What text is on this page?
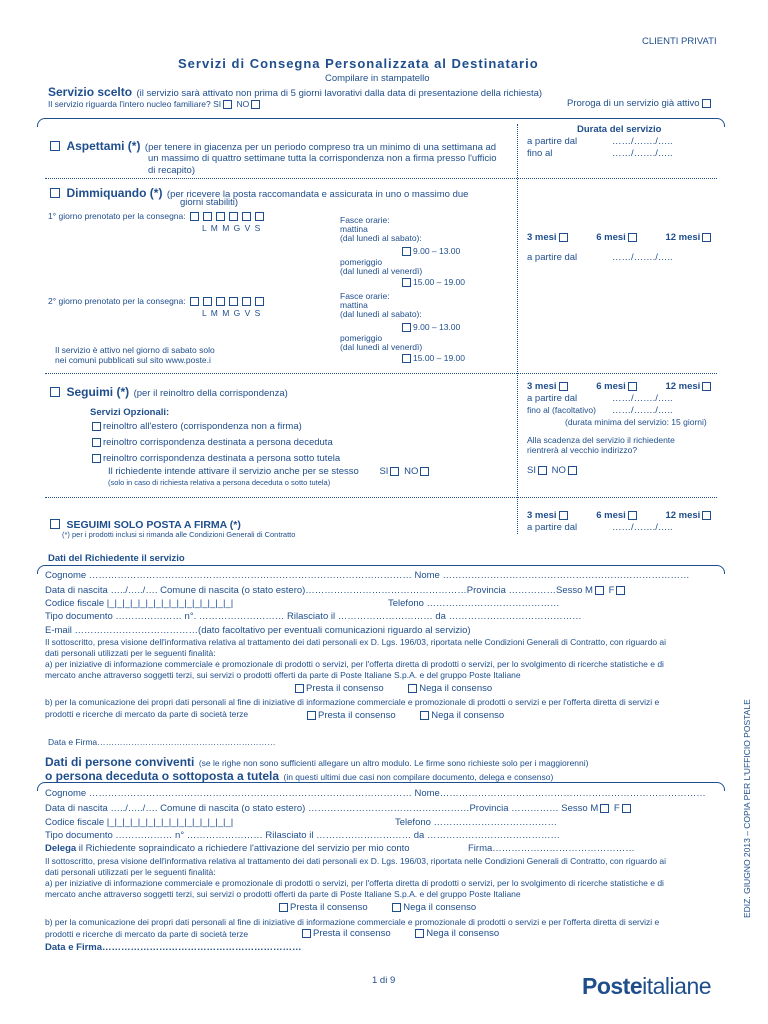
CLIENTI PRIVATI
Servizi di Consegna Personalizzata al Destinatario
Compilare in stampatello
Servizio scelto (il servizio sarà attivato non prima di 5 giorni lavorativi dalla data di presentazione della richiesta)
Il servizio riguarda l'intero nucleo familiare? SI NO	Proroga di un servizio già attivo
Durata del servizio
a partire dal	……/……./…..
fino al	……/……./…..
Aspettami (*) (per tenere in giacenza per un periodo compreso tra un minimo di una settimana ad
un massimo di quattro settimane tutta la corrispondenza non a firma presso l'ufficio
di recapito)
Dimmiquando (*) (per ricevere la posta raccomandata e assicurata in uno o massimo due
giorni stabiliti)
1° giorno prenotato per la consegna:
L M M G V S
Fasce orarie:
mattina
(dal lunedì al sabato):
9.00 – 13.00
pomeriggio
(dal lunedì al venerdì)
15.00 – 19.00
3 mesi	6 mesi	12 mesi
a partire dal	……/……./…..
2° giorno prenotato per la consegna:
L M M G V S
Fasce orarie:
mattina
(dal lunedì al sabato):
9.00 – 13.00
pomeriggio
(dal lunedì al venerdì)
15.00 – 19.00
Il servizio è attivo nel giorno di sabato solo
nei comuni pubblicati sul sito www.poste.i
Seguimi (*) (per il reinoltro della corrispondenza)
Servizi Opzionali:
reinoltro all'estero (corrispondenza non a firma)
reinoltro corrispondenza destinata a persona deceduta
reinoltro corrispondenza destinata a persona sotto tutela
Il richiedente intende attivare il servizio anche per se stesso SI NO
(solo in caso di richiesta relativa a persona deceduta o sotto tutela)
3 mesi	6 mesi	12 mesi
a partire dal	……/……./…..
fino al (facoltativo) ……/……./…..
(durata minima del servizio: 15 giorni)
Alla scadenza del servizio il richiedente
rientrerà al vecchio indirizzo?
SI NO
SEGUIMI SOLO POSTA A FIRMA (*)
(*) per i prodotti inclusi si rimanda alle Condizioni Generali di Contratto
3 mesi	6 mesi	12 mesi
a partire dal	……/……./…..
Dati del Richiedente il servizio
Cognome ………………………………………………………………………………………… Nome ……………………………………………………………………
Data di nascita …../…../…. Comune di nascita (o stato estero)……………………………………………Provincia ……………Sesso M F
Codice fiscale |_|_|_|_|_|_|_|_|_|_|_|_|_|_|_|_|	Telefono ……………………………………
Tipo documento ………………… n°. ……………………… Rilasciato il ………………………… da ……………………………………
E-mail …………………………………(dato facoltativo per eventuali comunicazioni riguardo al servizio)
Il sottoscritto, presa visione dell'informativa relativa al trattamento dei dati personali ex D. Lgs. 196/03, riportata nelle Condizioni Generali di Contratto, con riguardo ai
dati personali utilizzati per le seguenti finalità:
a) per iniziative di informazione commerciale e promozionale di prodotti o servizi, per l'offerta diretta di prodotti o servizi, per lo svolgimento di ricerche statistiche e di
mercato anche attraverso soggetti terzi, sui servizi o prodotti offerti da parte di Poste Italiane S.p.A. e del gruppo Poste Italiane
Presta il consenso	Nega il consenso
b) per la comunicazione dei propri dati personali al fine di iniziative di informazione commerciale e promozionale di prodotti o servizi e per l'offerta diretta di servizi e
prodotti e ricerche di mercato da parte di società terze	Presta il consenso	Nega il consenso
Data e Firma………………………………………………………
Dati di persone conviventi (se le righe non sono sufficienti allegare un altro modulo. Le firme sono richieste solo per i maggiorenni)
o persona deceduta o sottoposta a tutela (in questi ultimi due casi non compilare documento, delega e consenso)
Cognome ………………………………………………………………………………………… Nome…………………………………………………………………………
Data di nascita …../…../…. Comune di nascita (o stato estero) ……………………………………………Provincia …………… Sesso M F
Codice fiscale |_|_|_|_|_|_|_|_|_|_|_|_|_|_|_|_|	Telefono …………………………………
Tipo documento ……………… n° …………………… Rilasciato il ………………………… da ……………………………………
Delega il Richiedente sopraindicato a richiedere l'attivazione del servizio per mio conto	Firma………………………………………
Il sottoscritto, presa visione dell'informativa relativa al trattamento dei dati personali ex D. Lgs. 196/03, riportata nelle Condizioni Generali di Contratto, con riguardo ai
dati personali utilizzati per le seguenti finalità:
a) per iniziative di informazione commerciale e promozionale di prodotti o servizi, per l'offerta diretta di prodotti o servizi, per lo svolgimento di ricerche statistiche e di
mercato anche attraverso soggetti terzi, sui servizi o prodotti offerti da parte di Poste Italiane S.p.A. e del gruppo Poste Italiane
Presta il consenso	Nega il consenso
b) per la comunicazione dei propri dati personali al fine di iniziative di informazione commerciale e promozionale di prodotti o servizi e per l'offerta diretta di servizi e
prodotti e ricerche di mercato da parte di società terze	Presta il consenso	Nega il consenso
Data e Firma………………………………………………………
1 di 9	Posteitaliane
EDIZ. GIUGNO 2013 – COPIA PER L'UFFICIO POSTALE
